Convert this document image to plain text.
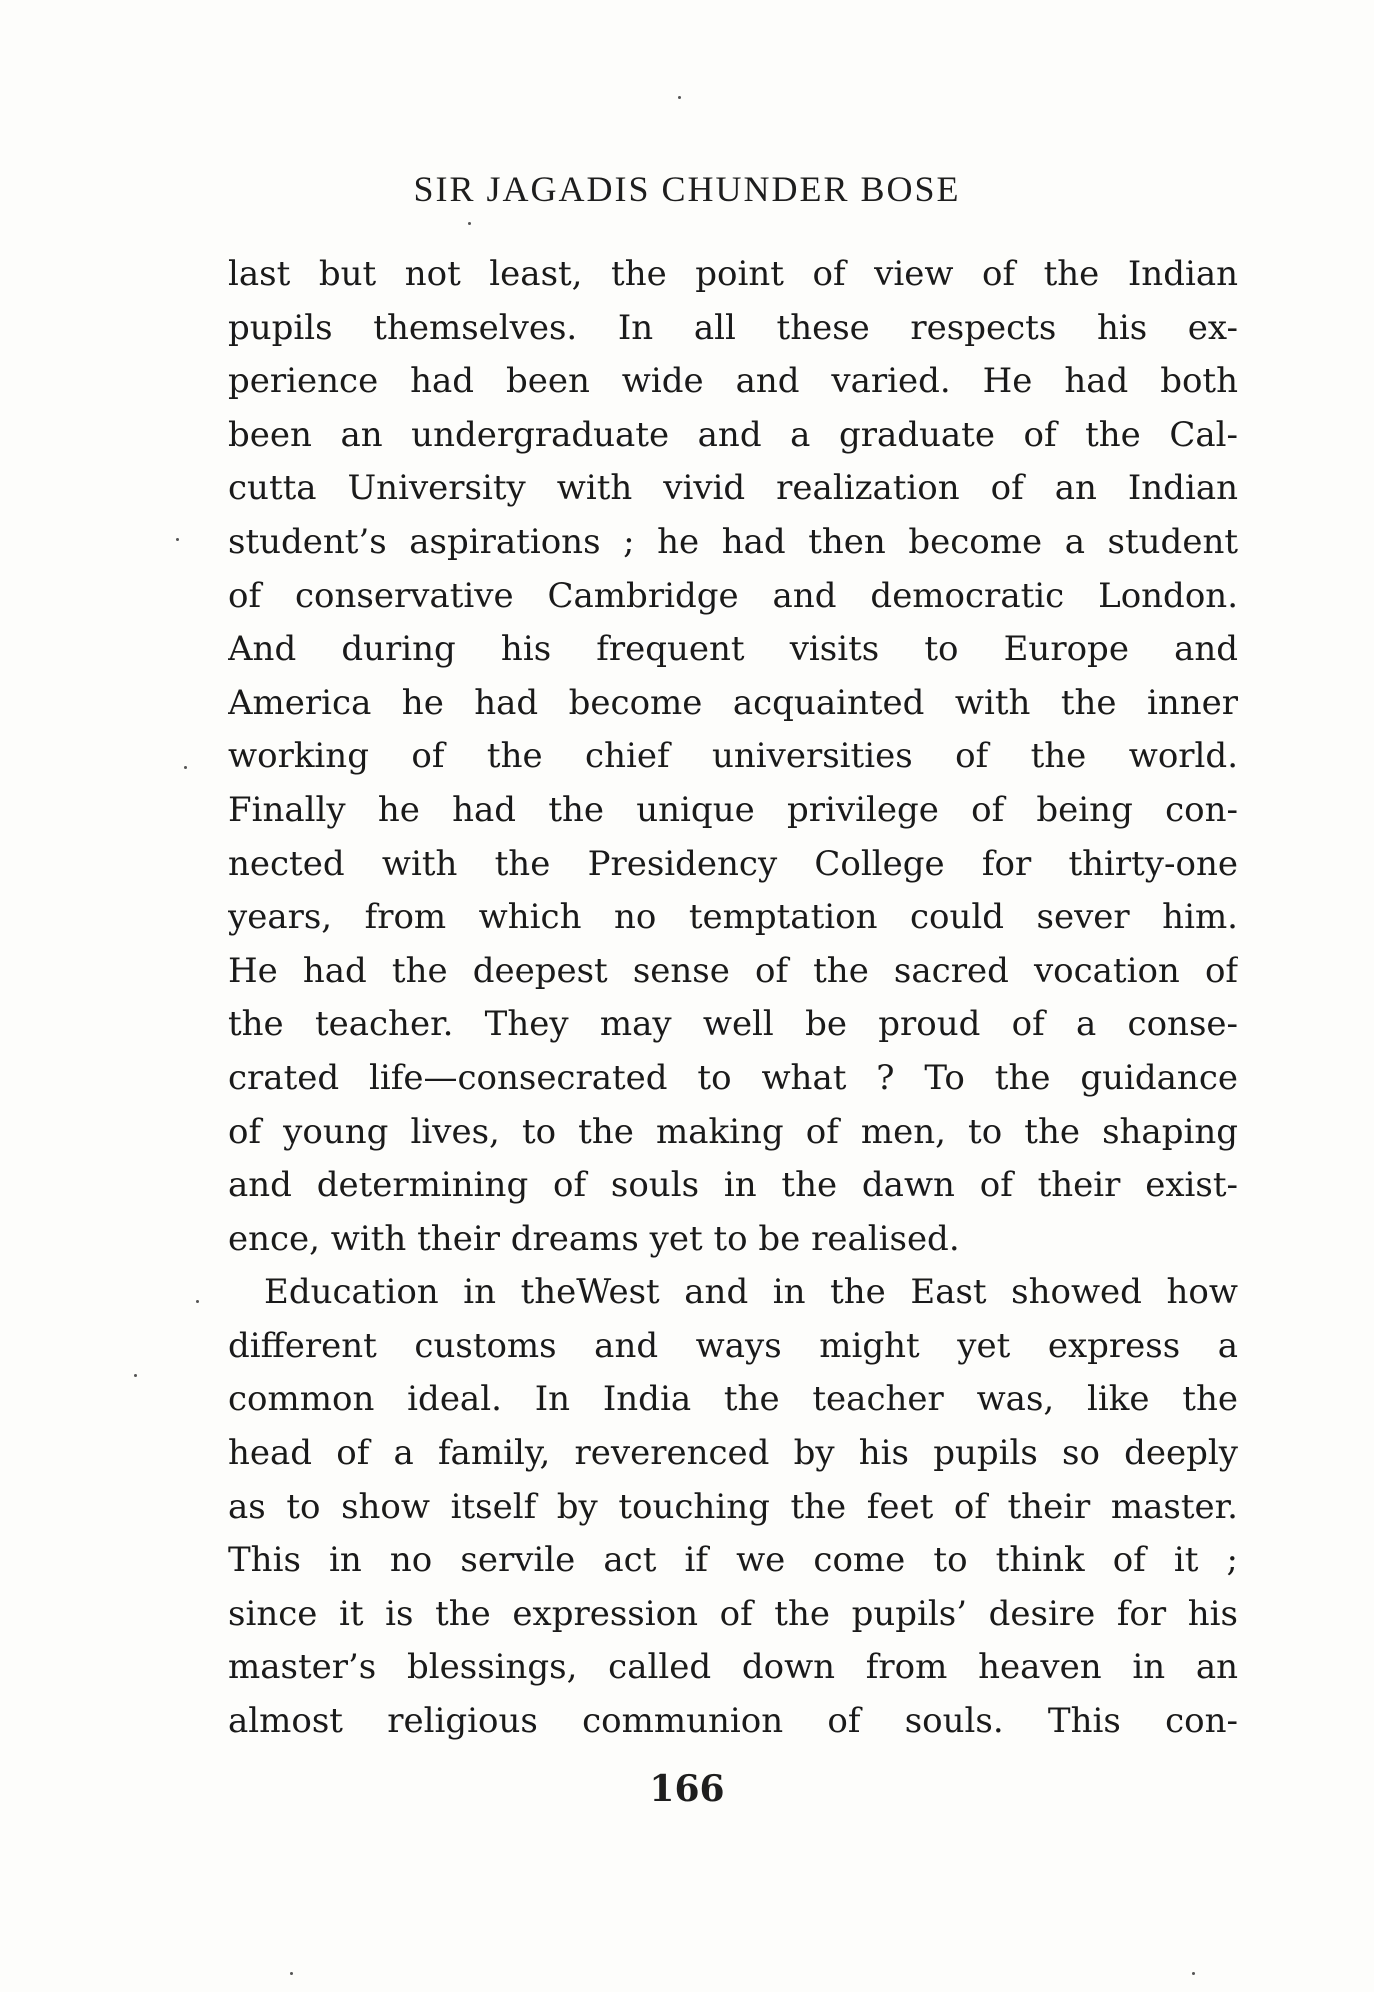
SIR JAGADIS CHUNDER BOSE
last but not least, the point of view of the Indian
pupils themselves. In all these respects his ex-
perience had been wide and varied. He had both
been an undergraduate and a graduate of the Cal-
cutta University with vivid realization of an Indian
student’s aspirations ; he had then become a student
of conservative Cambridge and democratic London.
And during his frequent visits to Europe and
America he had become acquainted with the inner
working of the chief universities of the world.
Finally he had the unique privilege of being con-
nected with the Presidency College for thirty-one
years, from which no temptation could sever him.
He had the deepest sense of the sacred vocation of
the teacher. They may well be proud of a conse-
crated life—consecrated to what ? To the guidance
of young lives, to the making of men, to the shaping
and determining of souls in the dawn of their exist-
ence, with their dreams yet to be realised.
Education in theWest and in the East showed how
different customs and ways might yet express a
common ideal. In India the teacher was, like the
head of a family, reverenced by his pupils so deeply
as to show itself by touching the feet of their master.
This in no servile act if we come to think of it ;
since it is the expression of the pupils’ desire for his
master’s blessings, called down from heaven in an
almost religious communion of souls. This con-
166
